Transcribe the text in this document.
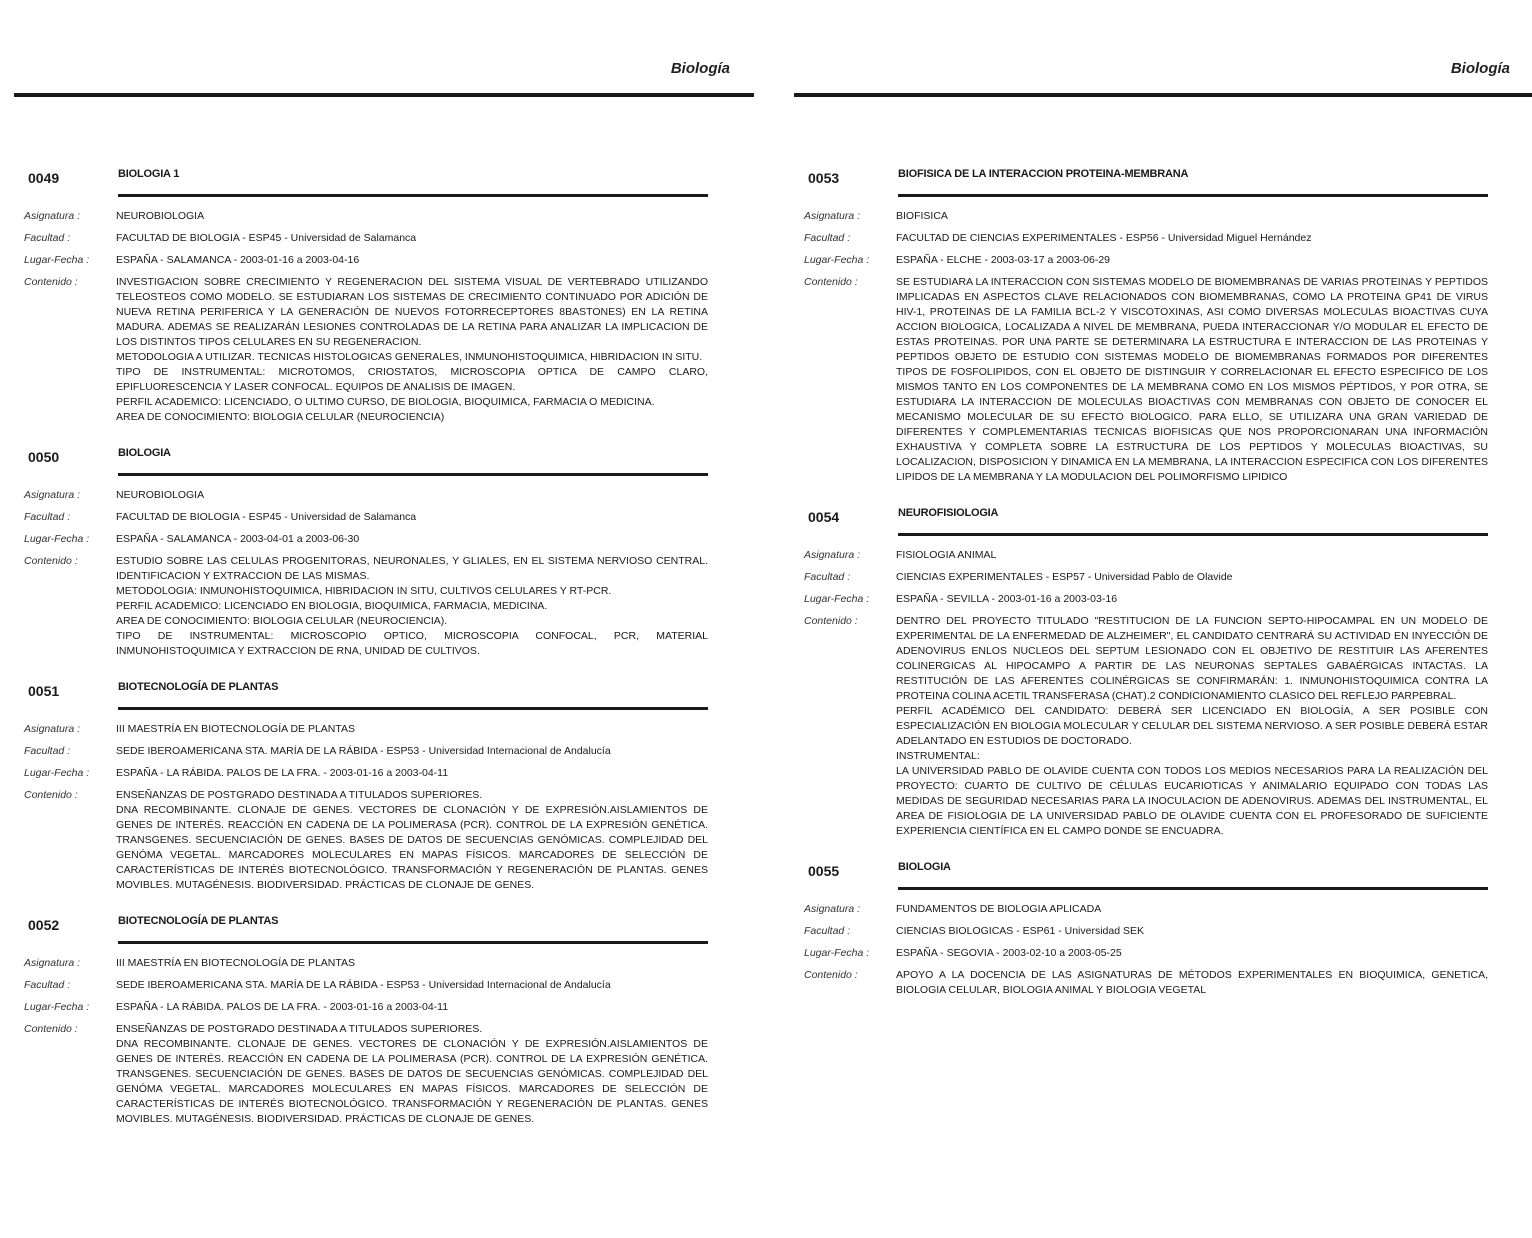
Biología
0049	BIOLOGIA 1
Asignatura :	NEUROBIOLOGIA
Facultad :	FACULTAD DE BIOLOGIA - ESP45 - Universidad de Salamanca
Lugar-Fecha :	ESPAÑA - SALAMANCA - 2003-01-16 a 2003-04-16
Contenido :	INVESTIGACION SOBRE CRECIMIENTO Y REGENERACION DEL SISTEMA VISUAL DE VERTEBRADO UTILIZANDO TELEOSTEOS COMO MODELO. SE ESTUDIARAN LOS SISTEMAS DE CRECIMIENTO CONTINUADO POR ADICIÓN DE NUEVA RETINA PERIFERICA Y LA GENERACIÓN DE NUEVOS FOTORRECEPTORES 8BASTONES) EN LA RETINA MADURA. ADEMAS SE REALIZARÁN LESIONES CONTROLADAS DE LA RETINA PARA ANALIZAR LA IMPLICACION DE LOS DISTINTOS TIPOS CELULARES EN SU REGENERACION.
METODOLOGIA A UTILIZAR. TECNICAS HISTOLOGICAS GENERALES, INMUNOHISTOQUIMICA, HIBRIDACION IN SITU.
TIPO DE INSTRUMENTAL: MICROTOMOS, CRIOSTATOS, MICROSCOPIA OPTICA DE CAMPO CLARO, EPIFLUORESCENCIA Y LASER CONFOCAL. EQUIPOS DE ANALISIS DE IMAGEN.
PERFIL ACADEMICO: LICENCIADO, O ULTIMO CURSO, DE BIOLOGIA, BIOQUIMICA, FARMACIA O MEDICINA.
AREA DE CONOCIMIENTO: BIOLOGIA CELULAR (NEUROCIENCIA)
0050	BIOLOGIA
Asignatura :	NEUROBIOLOGIA
Facultad :	FACULTAD DE BIOLOGIA - ESP45 - Universidad de Salamanca
Lugar-Fecha :	ESPAÑA - SALAMANCA - 2003-04-01 a 2003-06-30
Contenido :	ESTUDIO SOBRE LAS CELULAS PROGENITORAS, NEURONALES, Y GLIALES, EN EL SISTEMA NERVIOSO CENTRAL. IDENTIFICACION Y EXTRACCION DE LAS MISMAS.
METODOLOGIA: INMUNOHISTOQUIMICA, HIBRIDACION IN SITU, CULTIVOS CELULARES Y RT-PCR.
PERFIL ACADEMICO: LICENCIADO EN BIOLOGIA, BIOQUIMICA, FARMACIA, MEDICINA.
AREA DE CONOCIMIENTO: BIOLOGIA CELULAR (NEUROCIENCIA).
TIPO DE INSTRUMENTAL: MICROSCOPIO OPTICO, MICROSCOPIA CONFOCAL, PCR, MATERIAL INMUNOHISTOQUIMICA Y EXTRACCION DE RNA, UNIDAD DE CULTIVOS.
0051	BIOTECNOLOGÍA DE PLANTAS
Asignatura :	III MAESTRÍA EN BIOTECNOLOGÍA DE PLANTAS
Facultad :	SEDE IBEROAMERICANA STA. MARÍA DE LA RÁBIDA - ESP53 - Universidad Internacional de Andalucía
Lugar-Fecha :	ESPAÑA - LA RÁBIDA. PALOS DE LA FRA. - 2003-01-16 a 2003-04-11
Contenido :	ENSEÑANZAS DE POSTGRADO DESTINADA A TITULADOS SUPERIORES.
DNA RECOMBINANTE. CLONAJE DE GENES. VECTORES DE CLONACIÓN Y DE EXPRESIÓN.AISLAMIENTOS DE GENES DE INTERÉS. REACCIÓN EN CADENA DE LA POLIMERASA (PCR). CONTROL DE LA EXPRESIÓN GENÉTICA. TRANSGENES. SECUENCIACIÓN DE GENES. BASES DE DATOS DE SECUENCIAS GENÓMICAS. COMPLEJIDAD DEL GENÓMA VEGETAL. MARCADORES MOLECULARES EN MAPAS FÍSICOS. MARCADORES DE SELECCIÓN DE CARACTERÍSTICAS DE INTERÉS BIOTECNOLÓGICO. TRANSFORMACIÓN Y REGENERACIÓN DE PLANTAS. GENES MOVIBLES. MUTAGÉNESIS. BIODIVERSIDAD. PRÁCTICAS DE CLONAJE DE GENES.
0052	BIOTECNOLOGÍA DE PLANTAS
Asignatura :	III MAESTRÍA EN BIOTECNOLOGÍA DE PLANTAS
Facultad :	SEDE IBEROAMERICANA STA. MARÍA DE LA RÁBIDA - ESP53 - Universidad Internacional de Andalucía
Lugar-Fecha :	ESPAÑA - LA RÁBIDA. PALOS DE LA FRA. - 2003-01-16 a 2003-04-11
Contenido :	ENSEÑANZAS DE POSTGRADO DESTINADA A TITULADOS SUPERIORES.
DNA RECOMBINANTE. CLONAJE DE GENES. VECTORES DE CLONACIÓN Y DE EXPRESIÓN.AISLAMIENTOS DE GENES DE INTERÉS. REACCIÓN EN CADENA DE LA POLIMERASA (PCR). CONTROL DE LA EXPRESIÓN GENÉTICA. TRANSGENES. SECUENCIACIÓN DE GENES. BASES DE DATOS DE SECUENCIAS GENÓMICAS. COMPLEJIDAD DEL GENÓMA VEGETAL. MARCADORES MOLECULARES EN MAPAS FÍSICOS. MARCADORES DE SELECCIÓN DE CARACTERÍSTICAS DE INTERÉS BIOTECNOLÓGICO. TRANSFORMACIÓN Y REGENERACIÓN DE PLANTAS. GENES MOVIBLES. MUTAGÉNESIS. BIODIVERSIDAD. PRÁCTICAS DE CLONAJE DE GENES.
Biología
0053	BIOFISICA DE LA INTERACCION PROTEINA-MEMBRANA
Asignatura :	BIOFISICA
Facultad :	FACULTAD DE CIENCIAS EXPERIMENTALES - ESP56 - Universidad Miguel Hernández
Lugar-Fecha :	ESPAÑA - ELCHE - 2003-03-17 a 2003-06-29
Contenido :	SE ESTUDIARA LA INTERACCION CON SISTEMAS MODELO DE BIOMEMBRANAS DE VARIAS PROTEINAS Y PEPTIDOS IMPLICADAS EN ASPECTOS CLAVE RELACIONADOS CON BIOMEMBRANAS, COMO LA PROTEINA GP41 DE VIRUS HIV-1, PROTEINAS DE LA FAMILIA BCL-2 Y VISCOTOXINAS, ASI COMO DIVERSAS MOLECULAS BIOACTIVAS CUYA ACCION BIOLOGICA, LOCALIZADA A NIVEL DE MEMBRANA, PUEDA INTERACCIONAR Y/O MODULAR EL EFECTO DE ESTAS PROTEINAS. POR UNA PARTE SE DETERMINARA LA ESTRUCTURA E INTERACCION DE LAS PROTEINAS Y PEPTIDOS OBJETO DE ESTUDIO CON SISTEMAS MODELO DE BIOMEMBRANAS FORMADOS POR DIFERENTES TIPOS DE FOSFOLIPIDOS, CON EL OBJETO DE DISTINGUIR Y CORRELACIONAR EL EFECTO ESPECIFICO DE LOS MISMOS TANTO EN LOS COMPONENTES DE LA MEMBRANA COMO EN LOS MISMOS PÉPTIDOS, Y POR OTRA, SE ESTUDIARA LA INTERACCION DE MOLECULAS BIOACTIVAS CON MEMBRANAS CON OBJETO DE CONOCER EL MECANISMO MOLECULAR DE SU EFECTO BIOLOGICO. PARA ELLO, SE UTILIZARA UNA GRAN VARIEDAD DE DIFERENTES Y COMPLEMENTARIAS TECNICAS BIOFISICAS QUE NOS PROPORCIONARAN UNA INFORMACIÓN EXHAUSTIVA Y COMPLETA SOBRE LA ESTRUCTURA DE LOS PEPTIDOS Y MOLECULAS BIOACTIVAS, SU LOCALIZACION, DISPOSICION Y DINAMICA EN LA MEMBRANA, LA INTERACCION ESPECIFICA CON LOS DIFERENTES LIPIDOS DE LA MEMBRANA Y LA MODULACION DEL POLIMORFISMO LIPIDICO
0054	NEUROFISIOLOGIA
Asignatura :	FISIOLOGIA ANIMAL
Facultad :	CIENCIAS EXPERIMENTALES - ESP57 - Universidad Pablo de Olavide
Lugar-Fecha :	ESPAÑA - SEVILLA - 2003-01-16 a 2003-03-16
Contenido :	DENTRO DEL PROYECTO TITULADO "RESTITUCION DE LA FUNCION SEPTO-HIPOCAMPAL EN UN MODELO DE EXPERIMENTAL DE LA ENFERMEDAD DE ALZHEIMER", EL CANDIDATO CENTRARÁ SU ACTIVIDAD EN INYECCIÓN DE ADENOVIRUS ENLOS NUCLEOS DEL SEPTUM LESIONADO CON EL OBJETIVO DE RESTITUIR LAS AFERENTES COLINERGICAS AL HIPOCAMPO A PARTIR DE LAS NEURONAS SEPTALES GABAÉRGICAS INTACTAS. LA RESTITUCIÓN DE LAS AFERENTES COLINÉRGICAS SE CONFIRMARÁN: 1. INMUNOHISTOQUIMICA CONTRA LA PROTEINA COLINA ACETIL TRANSFERASA (CHAT).2 CONDICIONAMIENTO CLASICO DEL REFLEJO PARPEBRAL.
PERFIL ACADÉMICO DEL CANDIDATO: DEBERÁ SER LICENCIADO EN BIOLOGÍA, A SER POSIBLE CON ESPECIALIZACIÓN EN BIOLOGIA MOLECULAR Y CELULAR DEL SISTEMA NERVIOSO. A SER POSIBLE DEBERÁ ESTAR ADELANTADO EN ESTUDIOS DE DOCTORADO.
INSTRUMENTAL:
LA UNIVERSIDAD PABLO DE OLAVIDE CUENTA CON TODOS LOS MEDIOS NECESARIOS PARA LA REALIZACIÓN DEL PROYECTO: CUARTO DE CULTIVO DE CÉLULAS EUCARIOTICAS Y ANIMALARIO EQUIPADO CON TODAS LAS MEDIDAS DE SEGURIDAD NECESARIAS PARA LA INOCULACION DE ADENOVIRUS. ADEMAS DEL INSTRUMENTAL, EL AREA DE FISIOLOGIA DE LA UNIVERSIDAD PABLO DE OLAVIDE CUENTA CON EL PROFESORADO DE SUFICIENTE EXPERIENCIA CIENTÍFICA EN EL CAMPO DONDE SE ENCUADRA.
0055	BIOLOGIA
Asignatura :	FUNDAMENTOS DE BIOLOGIA APLICADA
Facultad :	CIENCIAS BIOLOGICAS - ESP61 - Universidad SEK
Lugar-Fecha :	ESPAÑA - SEGOVIA - 2003-02-10 a 2003-05-25
Contenido :	APOYO A LA DOCENCIA DE LAS ASIGNATURAS DE MÉTODOS EXPERIMENTALES EN BIOQUIMICA, GENETICA, BIOLOGIA CELULAR, BIOLOGIA ANIMAL Y BIOLOGIA VEGETAL
